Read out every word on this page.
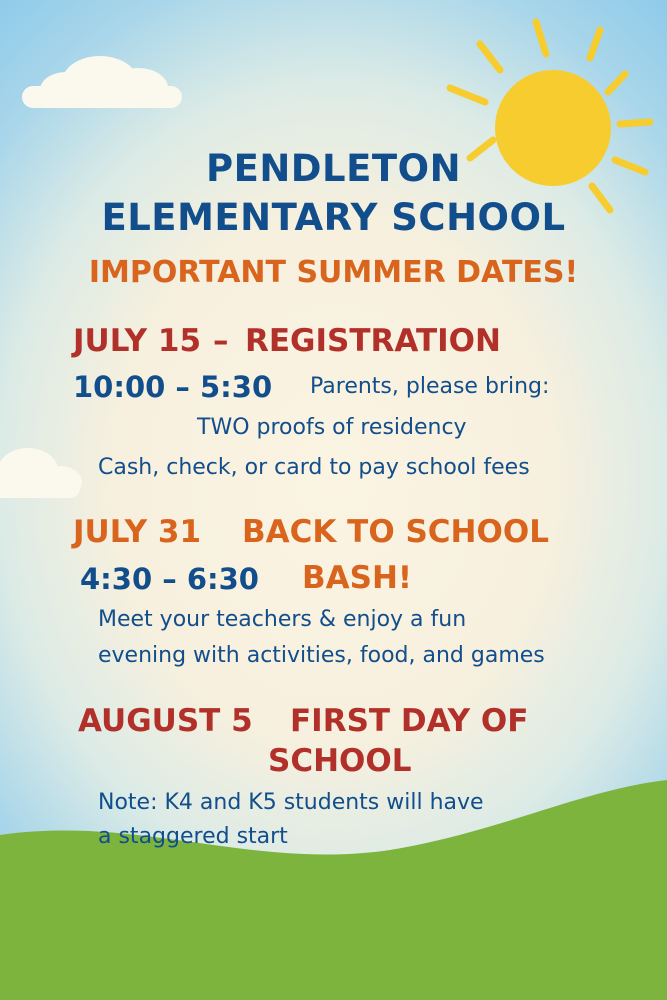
PENDLETON
ELEMENTARY SCHOOL
IMPORTANT SUMMER DATES!
JULY 15 – REGISTRATION
10:00 – 5:30 Parents, please bring:
TWO proofs of residency
Cash, check, or card to pay school fees
JULY 31 BACK TO SCHOOL
4:30 – 6:30 BASH!
Meet your teachers & enjoy a fun
evening with activities, food, and games
AUGUST 5 FIRST DAY OF
SCHOOL
Note: K4 and K5 students will have
a staggered start
